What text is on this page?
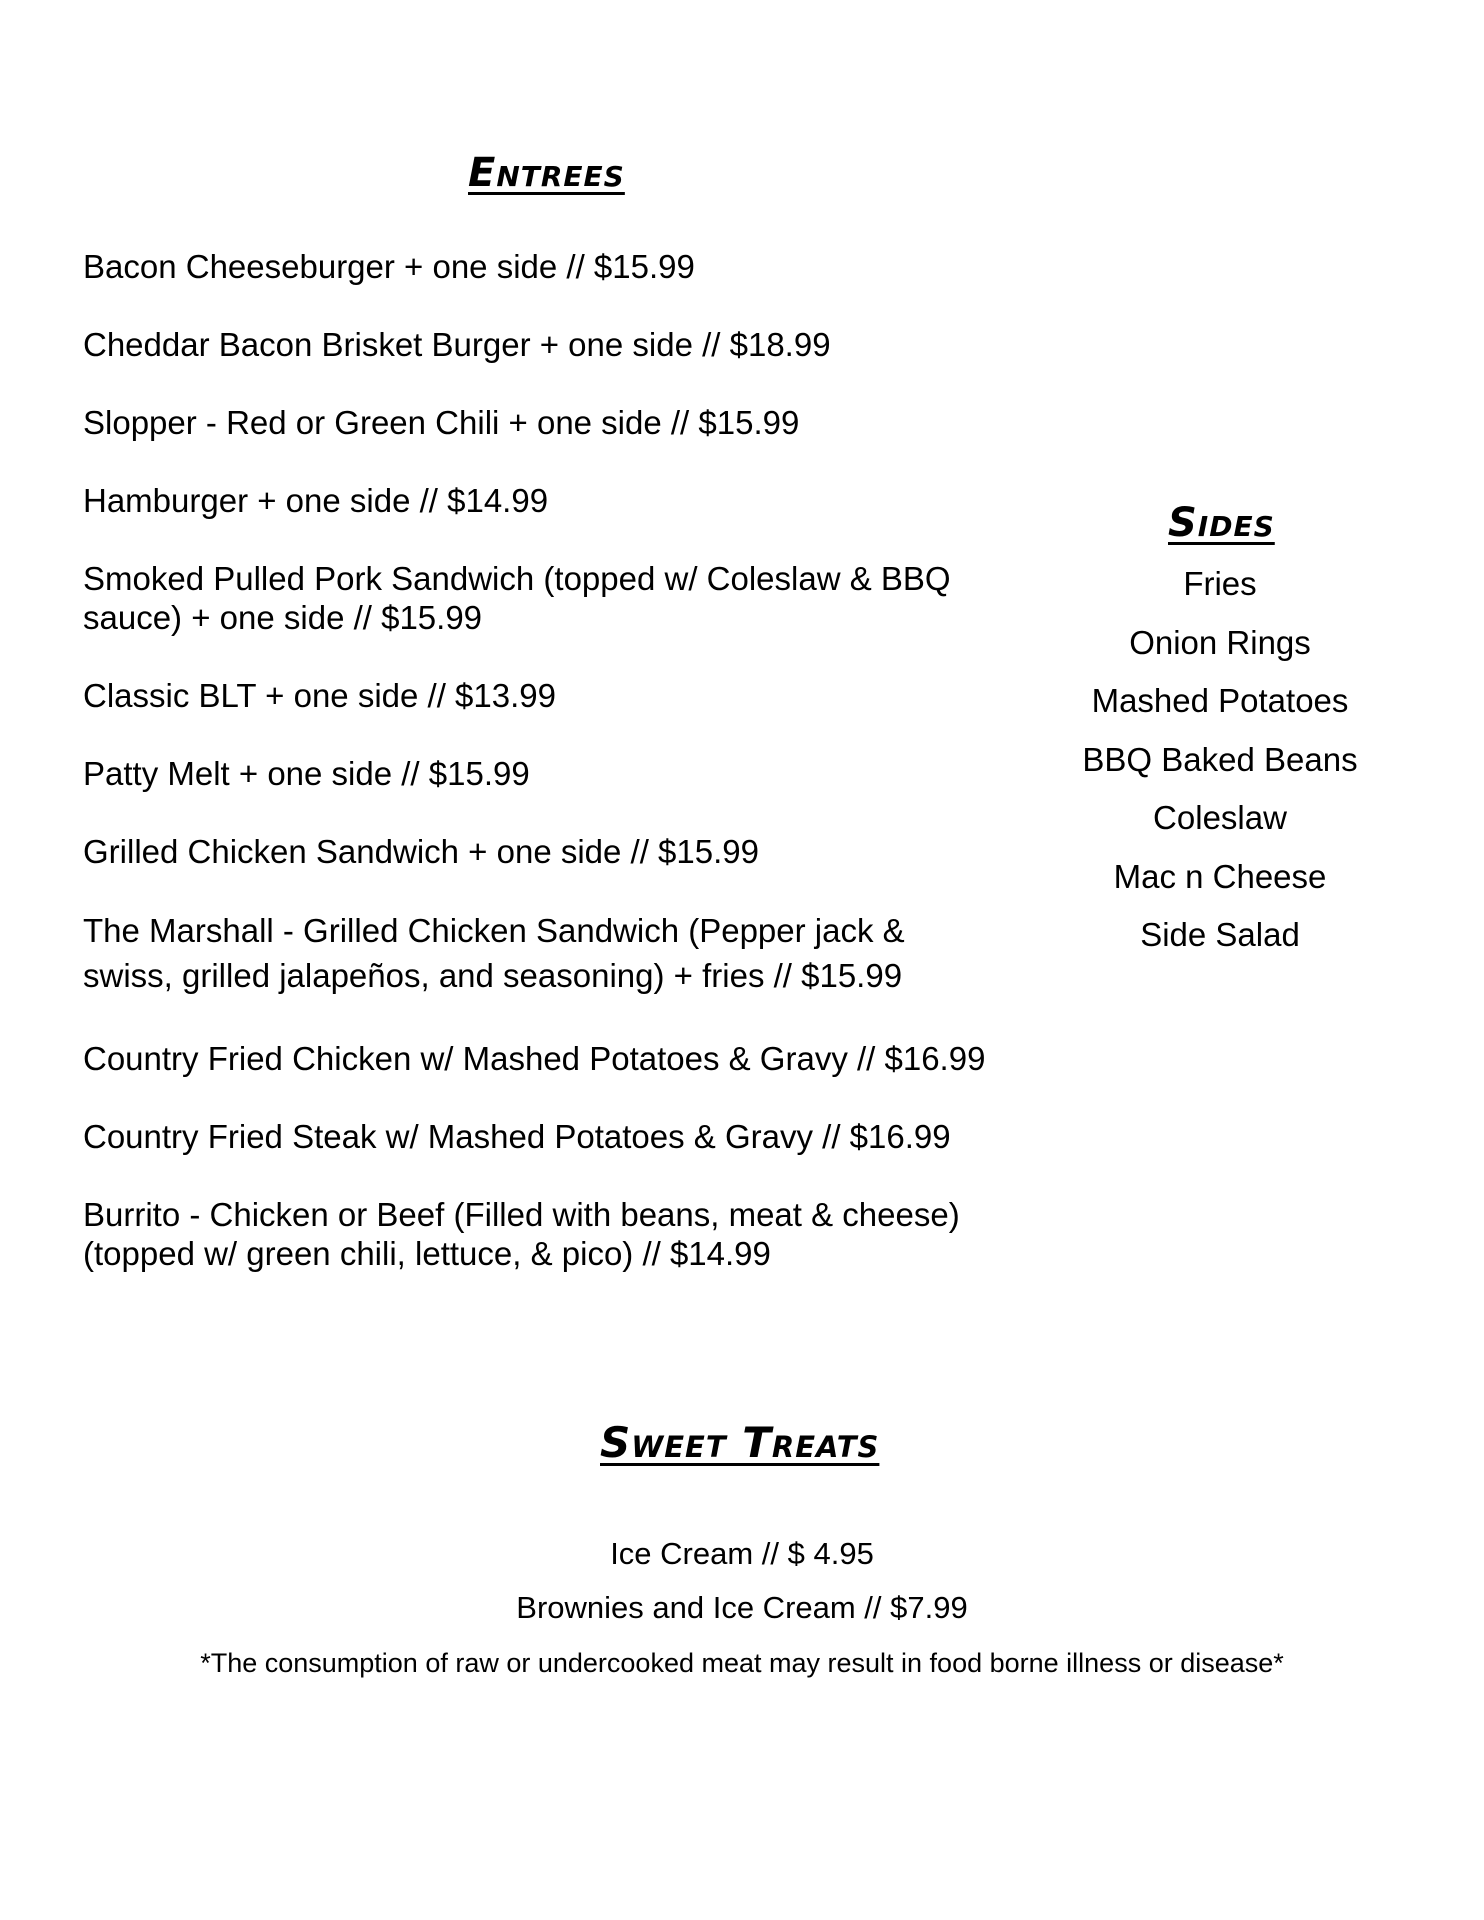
Entrees
Bacon Cheeseburger + one side // $15.99
Cheddar Bacon Brisket Burger + one side // $18.99
Slopper - Red or Green Chili + one side // $15.99
Hamburger + one side // $14.99
Smoked Pulled Pork Sandwich (topped w/ Coleslaw & BBQ sauce) + one side // $15.99
Classic BLT + one side // $13.99
Patty Melt + one side // $15.99
Grilled Chicken Sandwich + one side // $15.99
The Marshall - Grilled Chicken Sandwich (Pepper jack & swiss, grilled jalapeños, and seasoning) + fries // $15.99
Country Fried Chicken w/ Mashed Potatoes & Gravy // $16.99
Country Fried Steak w/ Mashed Potatoes & Gravy // $16.99
Burrito - Chicken or Beef (Filled with beans, meat & cheese) (topped w/ green chili, lettuce, & pico) // $14.99
Sides
Fries
Onion Rings
Mashed Potatoes
BBQ Baked Beans
Coleslaw
Mac n Cheese
Side Salad
Sweet Treats

Ice Cream // $ 4.95

Brownies and Ice Cream // $7.99

*The consumption of raw or undercooked meat may result in food borne illness or disease*
